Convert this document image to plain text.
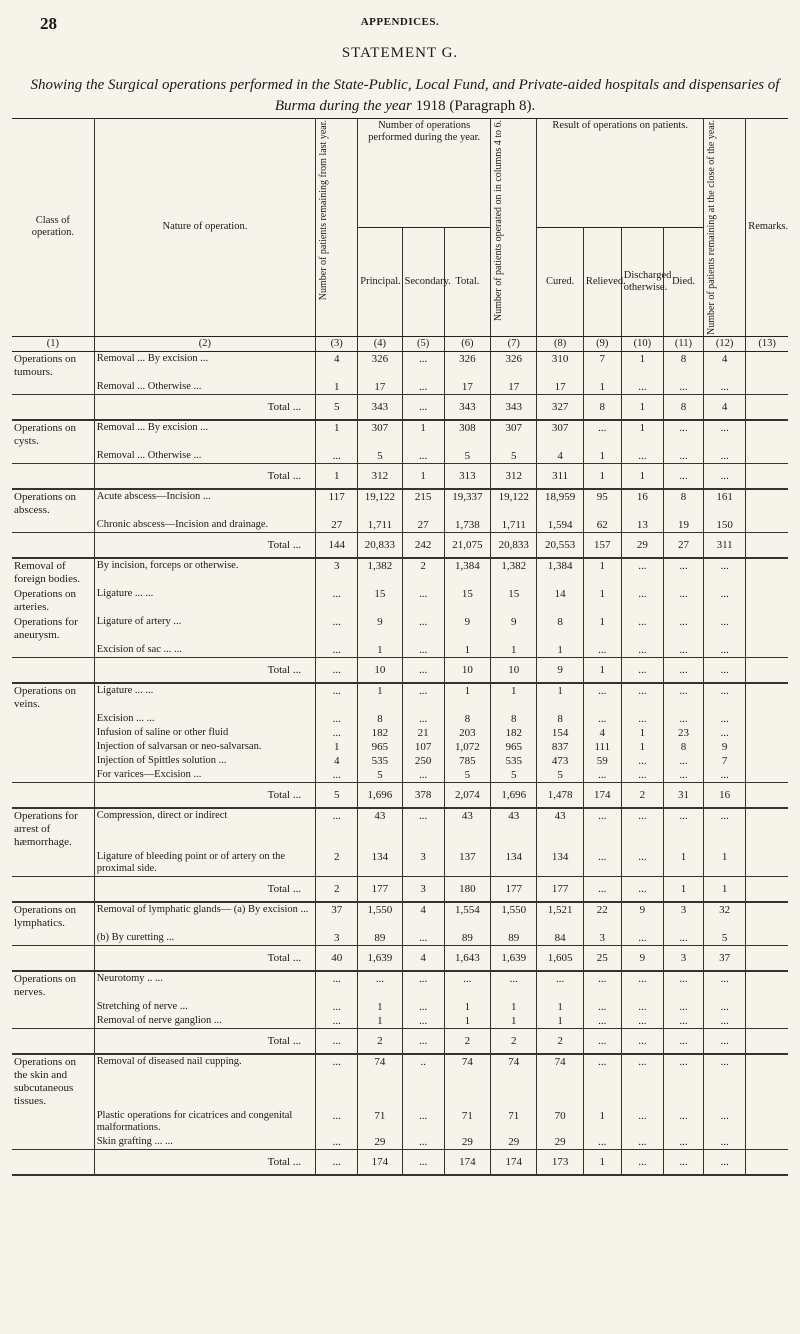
28	APPENDICES.
STATEMENT G.
Showing the Surgical operations performed in the State-Public, Local Fund, and Private-aided hospitals and dispensaries of Burma during the year 1918 (Paragraph 8).
Class of operation.	Nature of operation.	Number of patients remaining from last year.	Number of operations performed during the year.			Number of patients operated on in columns 4 to 6.	Result of operations on patients.				Number of patients remaining at the close of the year.	Remarks.
			Principal.	Secondary.	Total.		Cured.	Relieved.	Discharged otherwise.	Died.		
(1)	(2)	(3)	(4)	(5)	(6)	(7)	(8)	(9)	(10)	(11)	(12)	(13)
Operations on tumours.	Removal ... By excision ...	4	326	...	326	326	310	7	1	8	4	
	Removal ... Otherwise ...	1	17	...	17	17	17	1	...	...	...	
	Total ...	5	343	...	343	343	327	8	1	8	4	
Operations on cysts.	Removal ... By excision ...	1	307	1	308	307	307	...	1	...	...	
	Removal ... Otherwise ...	...	5	...	5	5	4	1	...	...	...	
	Total ...	1	312	1	313	312	311	1	1	...	...	
Operations on abscess.	Acute abscess—Incision ...	117	19,122	215	19,337	19,122	18,959	95	16	8	161	
	Chronic abscess—Incision and drainage.	27	1,711	27	1,738	1,711	1,594	62	13	19	150	
	Total ...	144	20,833	242	21,075	20,833	20,553	157	29	27	311	
Removal of foreign bodies.	By incision, forceps or otherwise.	3	1,382	2	1,384	1,382	1,384	1	...	...	...	
Operations on arteries.	Ligature ... ...	...	15	...	15	15	14	1	...	...	...	
Operations for aneurysm.	Ligature of artery ...	...	9	...	9	9	8	1	...	...	...	
	Excision of sac ... ...	...	1	...	1	1	1	...	...	...	...	
	Total ...	...	10	...	10	10	9	1	...	...	...	
Operations on veins.	Ligature ... ...	...	1	...	1	1	1	...	...	...	...	
	Excision ... ...	...	8	...	8	8	8	...	...	...	...	
	Infusion of saline or other fluid	...	182	21	203	182	154	4	1	23	...	
	Injection of salvarsan or neo-salvarsan.	1	965	107	1,072	965	837	111	1	8	9	
	Injection of Spittles solution ...	4	535	250	785	535	473	59	...	...	7	
	For varices—Excision ...	...	5	...	5	5	5	...	...	...	...	
	Total ...	5	1,696	378	2,074	1,696	1,478	174	2	31	16	
Operations for arrest of hæmorrhage.	Compression, direct or indirect	...	43	...	43	43	43	...	...	...	...	
	Ligature of bleeding point or of artery on the proximal side.	2	134	3	137	134	134	...	...	1	1	
	Total ...	2	177	3	180	177	177	...	...	1	1	
Operations on lymphatics.	Removal of lymphatic glands— (a) By excision ...	37	1,550	4	1,554	1,550	1,521	22	9	3	32	
	(b) By curetting ...	3	89	...	89	89	84	3	...	...	5	
	Total ...	40	1,639	4	1,643	1,639	1,605	25	9	3	37	
Operations on nerves.	Neurotomy .. ...	...	...	...	...	...	...	...	...	...	...	
	Stretching of nerve ...	...	1	...	1	1	1	...	...	...	...	
	Removal of nerve ganglion ...	...	1	...	1	1	1	...	...	...	...	
	Total ...	...	2	...	2	2	2	...	...	...	...	
Operations on the skin and subcutaneous tissues.	Removal of diseased nail cupping.	...	74	..	74	74	74	...	...	...	...	
	Plastic operations for cicatrices and congenital malformations.	...	71	...	71	71	70	1	...	...	...	
	Skin grafting ... ...	...	29	...	29	29	29	...	...	...	...	
	Total ...	...	174	...	174	174	173	1	...	...	...	
